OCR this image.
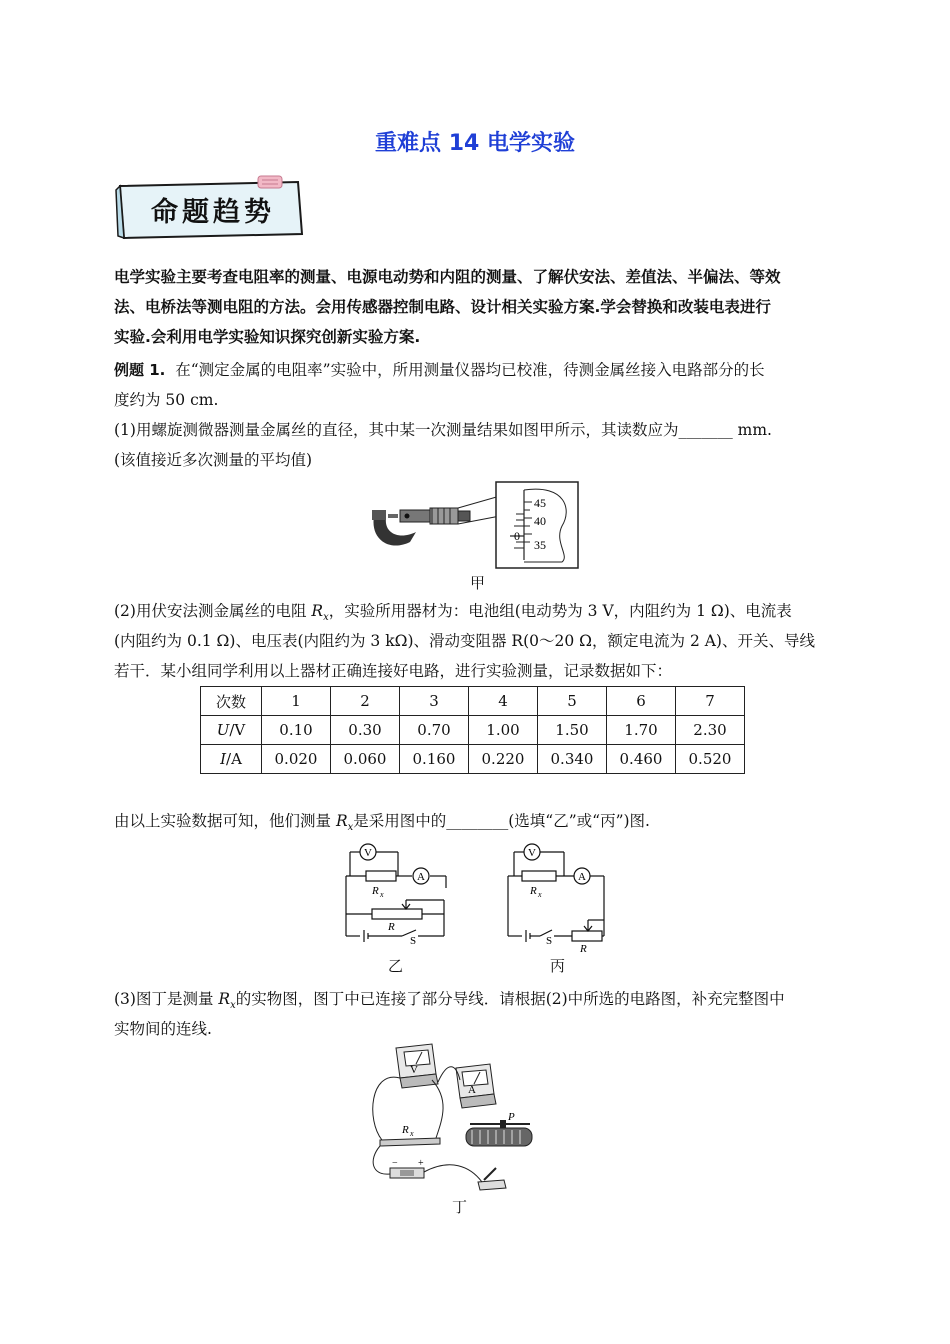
重难点 14 电学实验
命题趋势
电学实验主要考查电阻率的测量、电源电动势和内阻的测量、了解伏安法、差值法、半偏法、等效
法、电桥法等测电阻的方法。会用传感器控制电路、设计相关实验方案.学会替换和改装电表进行
实验.会利用电学实验知识探究创新实验方案.
例题 1. 在“测定金属的电阻率”实验中，所用测量仪器均已校准，待测金属丝接入电路部分的长
度约为 50 cm.
(1)用螺旋测微器测量金属丝的直径，其中某一次测量结果如图甲所示，其读数应为_______ mm.
(该值接近多次测量的平均值)
45
40
35
0
甲
(2)用伏安法测金属丝的电阻 $R_x$，实验所用器材为：电池组(电动势为 3 V，内阻约为 1 Ω)、电流表
(内阻约为 0.1 Ω)、电压表(内阻约为 3 kΩ)、滑动变阻器 R(0～20 Ω，额定电流为 2 A)、开关、导线
次数	1	2	3	4	5	6	7
U/V	0.10	0.30	0.70	1.00	1.50	1.70	2.30
I/A	0.020	0.060	0.160	0.220	0.340	0.460	0.520
由以上实验数据可知，他们测量 $R_x$是采用图中的________(选填“乙”或“丙”)图.
V
A
R x
R
S
乙
V
A
R x
R
S
丙
(3)图丁是测量 $R_x$的实物图，图丁中已连接了部分导线．请根据(2)中所选的电路图，补充完整图中
实物间的连线.
V
A
R x
P
− +
丁
若干．某小组同学利用以上器材正确连接好电路，进行实验测量，记录数据如下：
